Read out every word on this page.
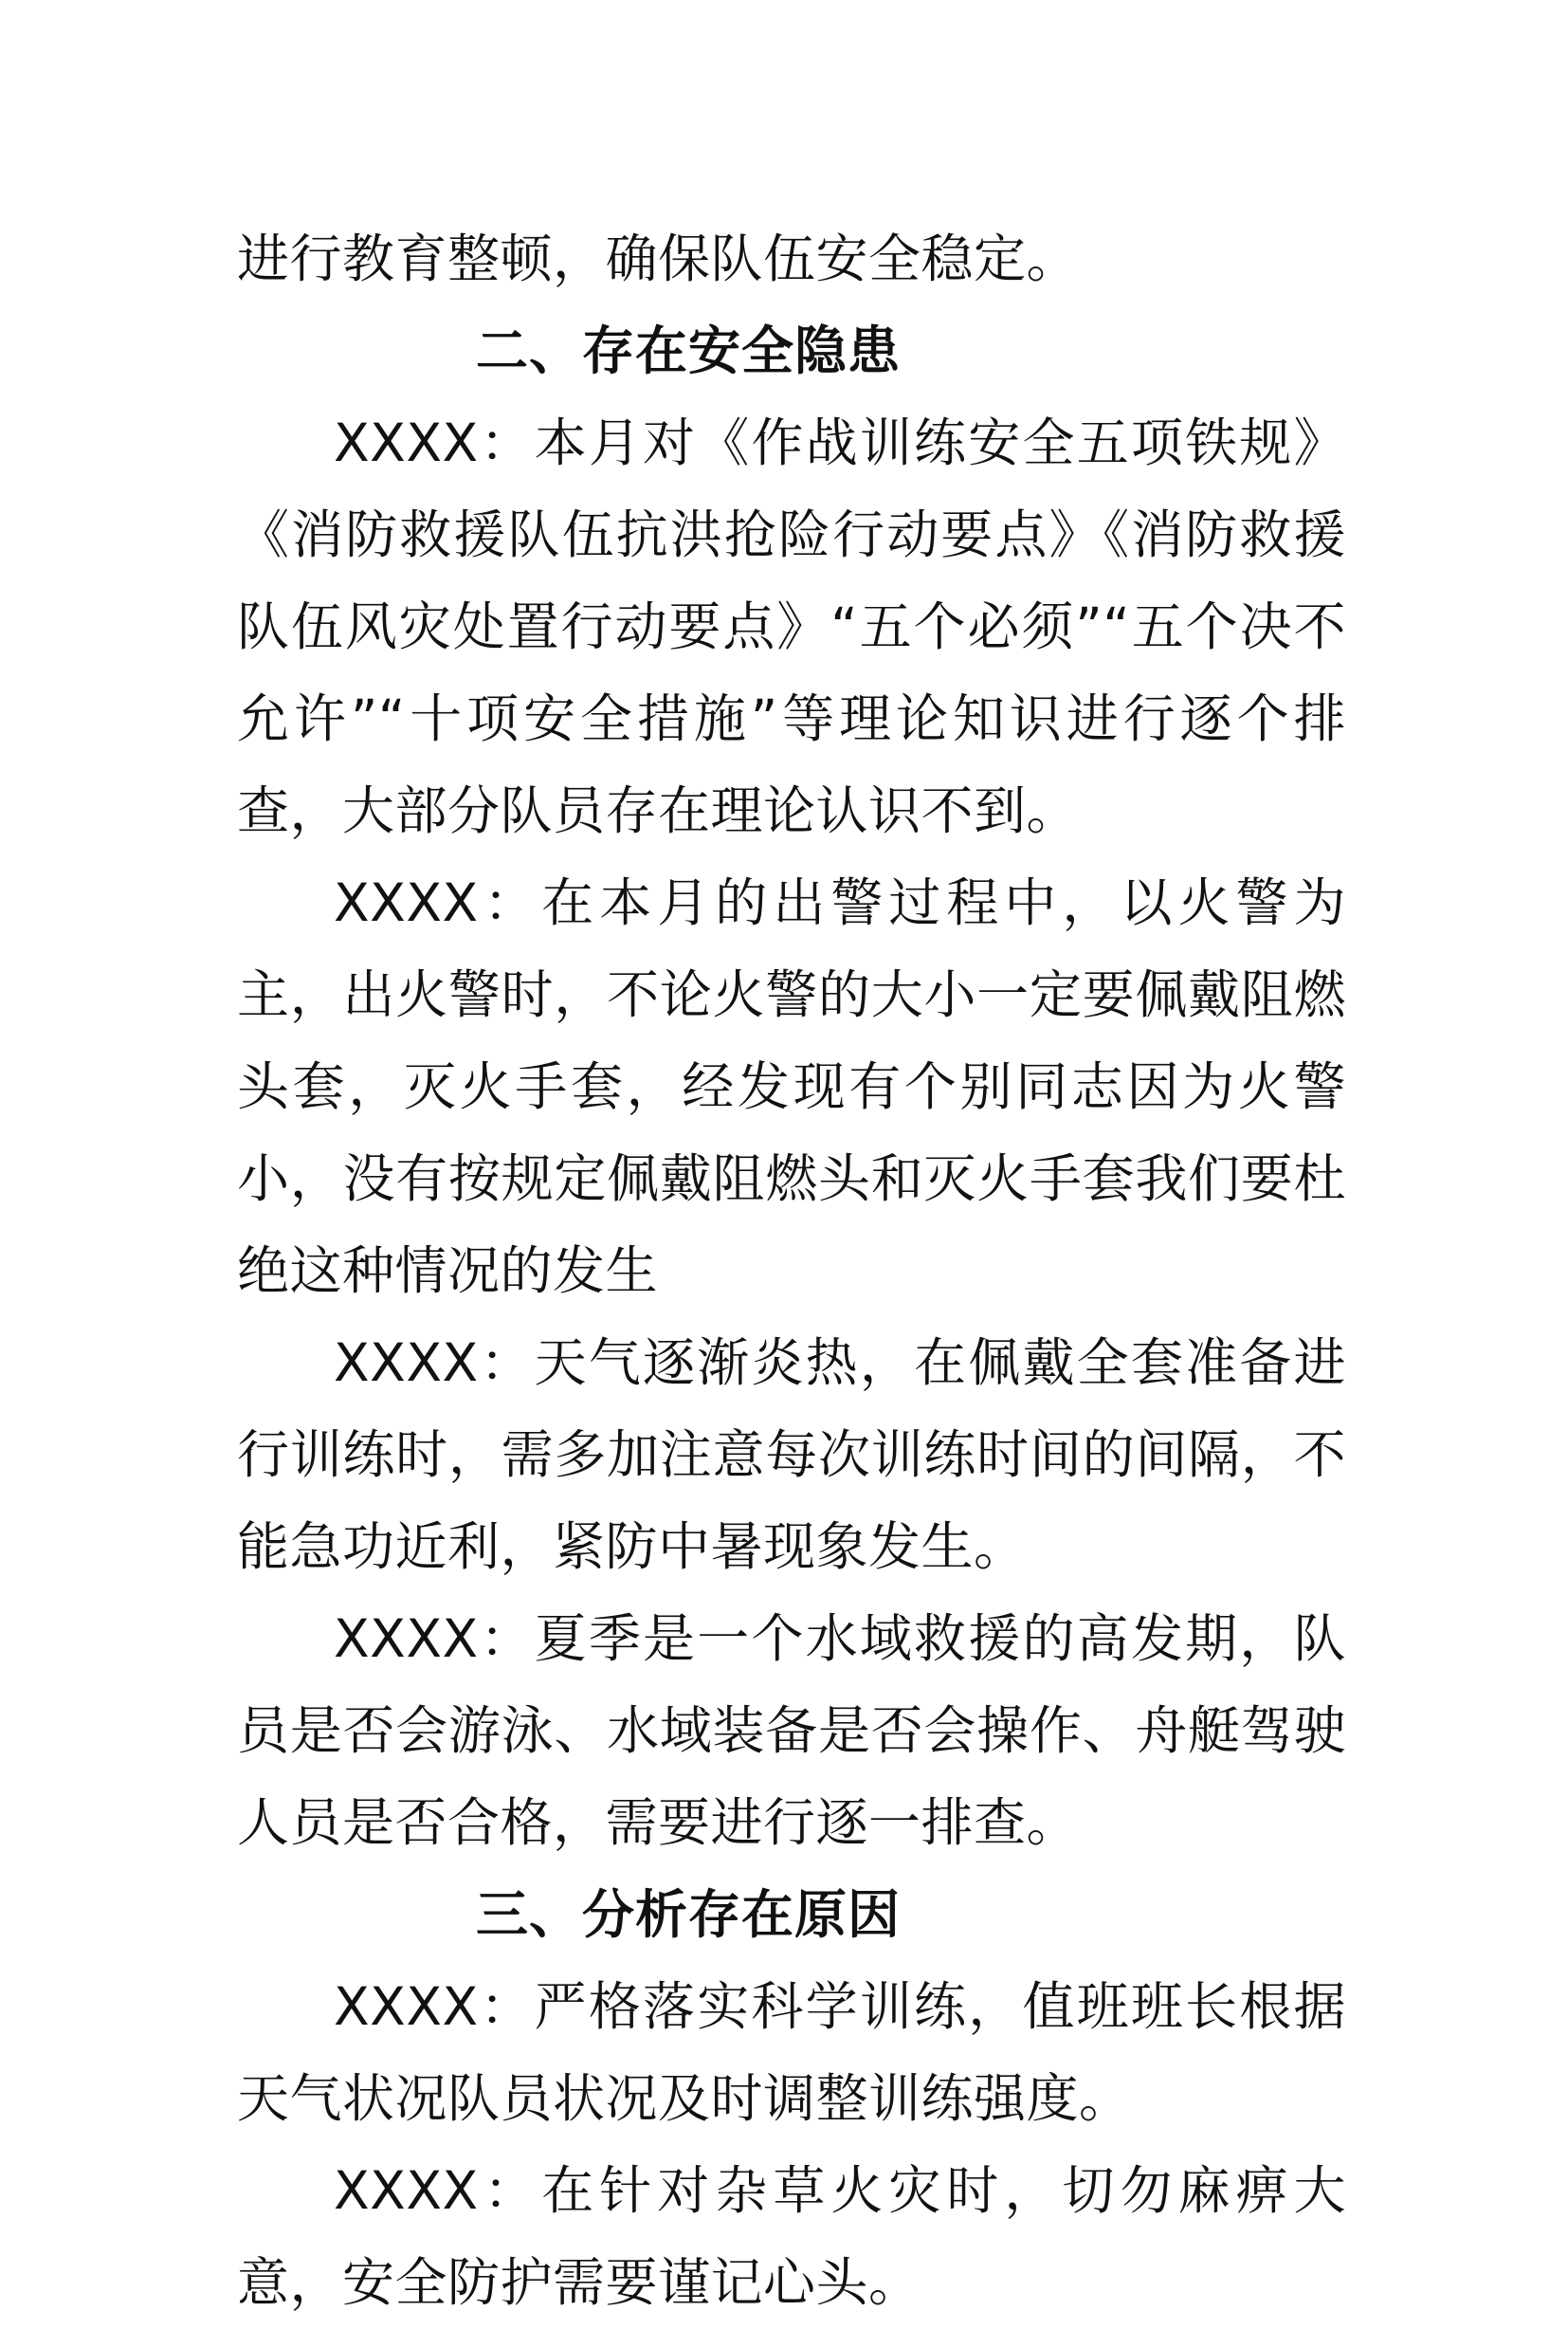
进行教育整顿，确保队伍安全稳定。

二、存在安全隐患

XXXX：本月对《作战训练安全五项铁规》《消防救援队伍抗洪抢险行动要点》《消防救援队伍风灾处置行动要点》“五个必须”“五个决不允许”“十项安全措施”等理论知识进行逐个排查，大部分队员存在理论认识不到。

XXXX：在本月的出警过程中，以火警为主，出火警时，不论火警的大小一定要佩戴阻燃头套，灭火手套，经发现有个别同志因为火警小，没有按规定佩戴阻燃头和灭火手套我们要杜绝这种情况的发生

XXXX：天气逐渐炎热，在佩戴全套准备进行训练时，需多加注意每次训练时间的间隔，不能急功近利，紧防中暑现象发生。

XXXX：夏季是一个水域救援的高发期，队员是否会游泳、水域装备是否会操作、舟艇驾驶人员是否合格，需要进行逐一排查。

三、分析存在原因

XXXX：严格落实科学训练，值班班长根据天气状况队员状况及时调整训练强度。

XXXX：在针对杂草火灾时，切勿麻痹大意，安全防护需要谨记心头。
